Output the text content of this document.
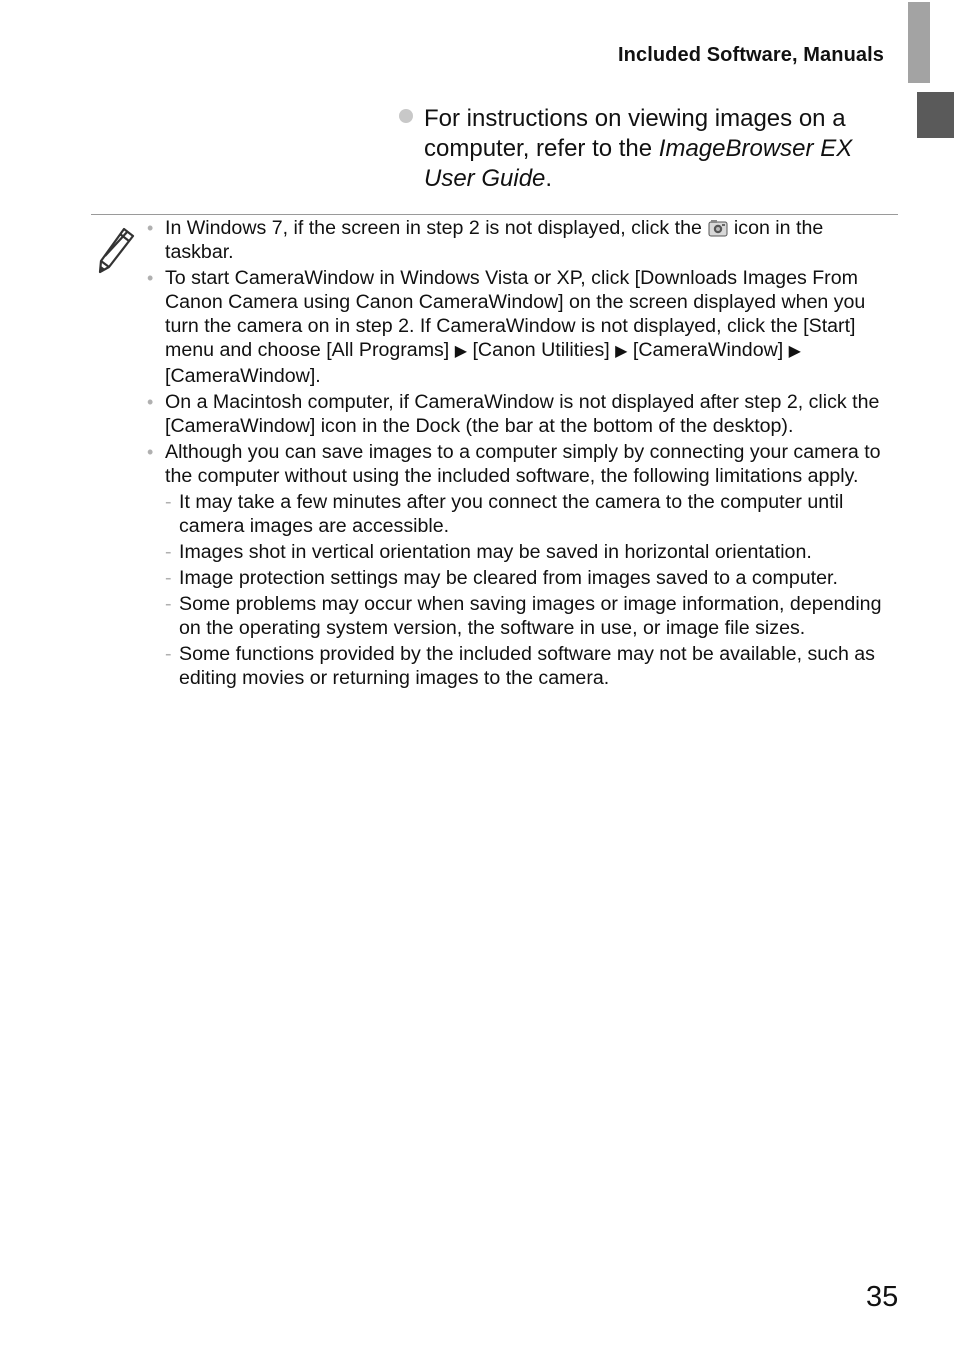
Included Software, Manuals
For instructions on viewing images on a computer, refer to the ImageBrowser EX User Guide.
• In Windows 7, if the screen in step 2 is not displayed, click the icon in the taskbar.
• To start CameraWindow in Windows Vista or XP, click [Downloads Images From Canon Camera using Canon CameraWindow] on the screen displayed when you turn the camera on in step 2. If CameraWindow is not displayed, click the [Start] menu and choose [All Programs] ▶ [Canon Utilities] ▶ [CameraWindow] ▶ [CameraWindow].
• On a Macintosh computer, if CameraWindow is not displayed after step 2, click the [CameraWindow] icon in the Dock (the bar at the bottom of the desktop).
• Although you can save images to a computer simply by connecting your camera to the computer without using the included software, the following limitations apply.
- It may take a few minutes after you connect the camera to the computer until camera images are accessible.
- Images shot in vertical orientation may be saved in horizontal orientation.
- Image protection settings may be cleared from images saved to a computer.
- Some problems may occur when saving images or image information, depending on the operating system version, the software in use, or image file sizes.
- Some functions provided by the included software may not be available, such as editing movies or returning images to the camera.
35
